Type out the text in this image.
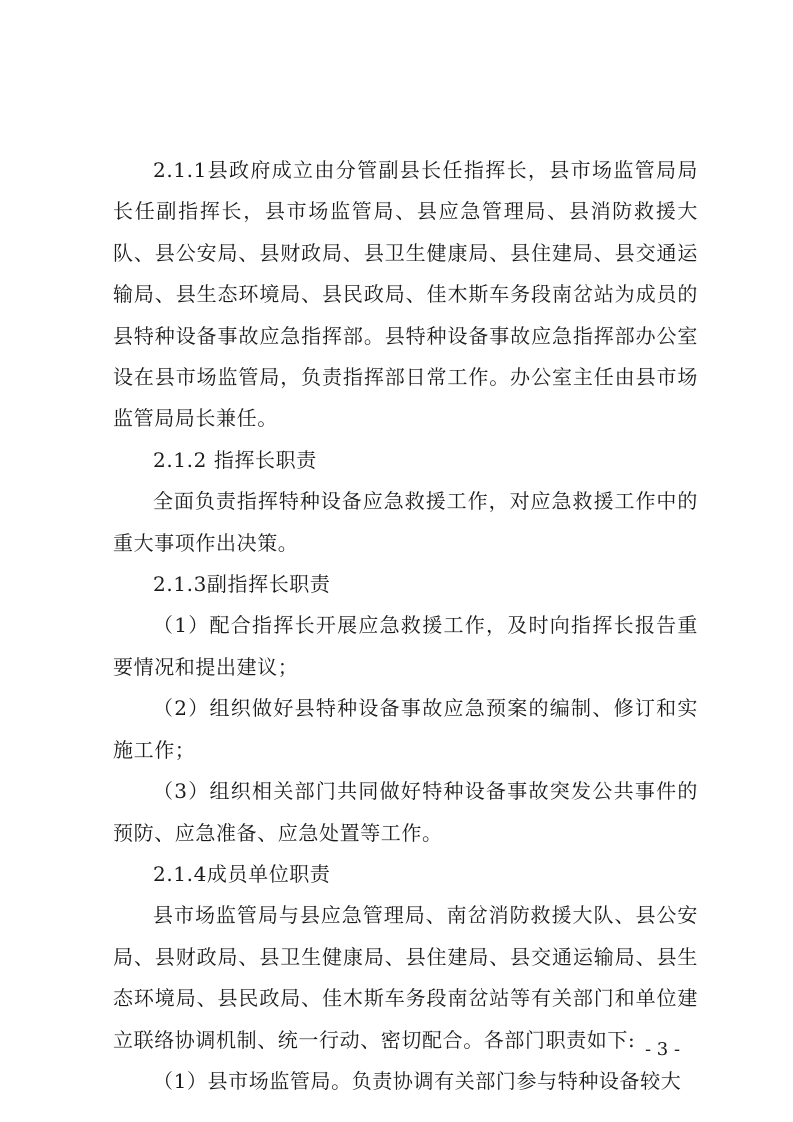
2.1.1县政府成立由分管副县长任指挥长，县市场监管局局长任副指挥长，县市场监管局、县应急管理局、县消防救援大队、县公安局、县财政局、县卫生健康局、县住建局、县交通运输局、县生态环境局、县民政局、佳木斯车务段南岔站为成员的县特种设备事故应急指挥部。县特种设备事故应急指挥部办公室设在县市场监管局，负责指挥部日常工作。办公室主任由县市场监管局局长兼任。

2.1.2 指挥长职责

全面负责指挥特种设备应急救援工作，对应急救援工作中的重大事项作出决策。

2.1.3副指挥长职责

（1）配合指挥长开展应急救援工作，及时向指挥长报告重要情况和提出建议；

（2）组织做好县特种设备事故应急预案的编制、修订和实施工作；

（3）组织相关部门共同做好特种设备事故突发公共事件的预防、应急准备、应急处置等工作。

2.1.4成员单位职责

县市场监管局与县应急管理局、南岔消防救援大队、县公安局、县财政局、县卫生健康局、县住建局、县交通运输局、县生态环境局、县民政局、佳木斯车务段南岔站等有关部门和单位建立联络协调机制、统一行动、密切配合。各部门职责如下:

（1）县市场监管局。负责协调有关部门参与特种设备较大

- 3 -
